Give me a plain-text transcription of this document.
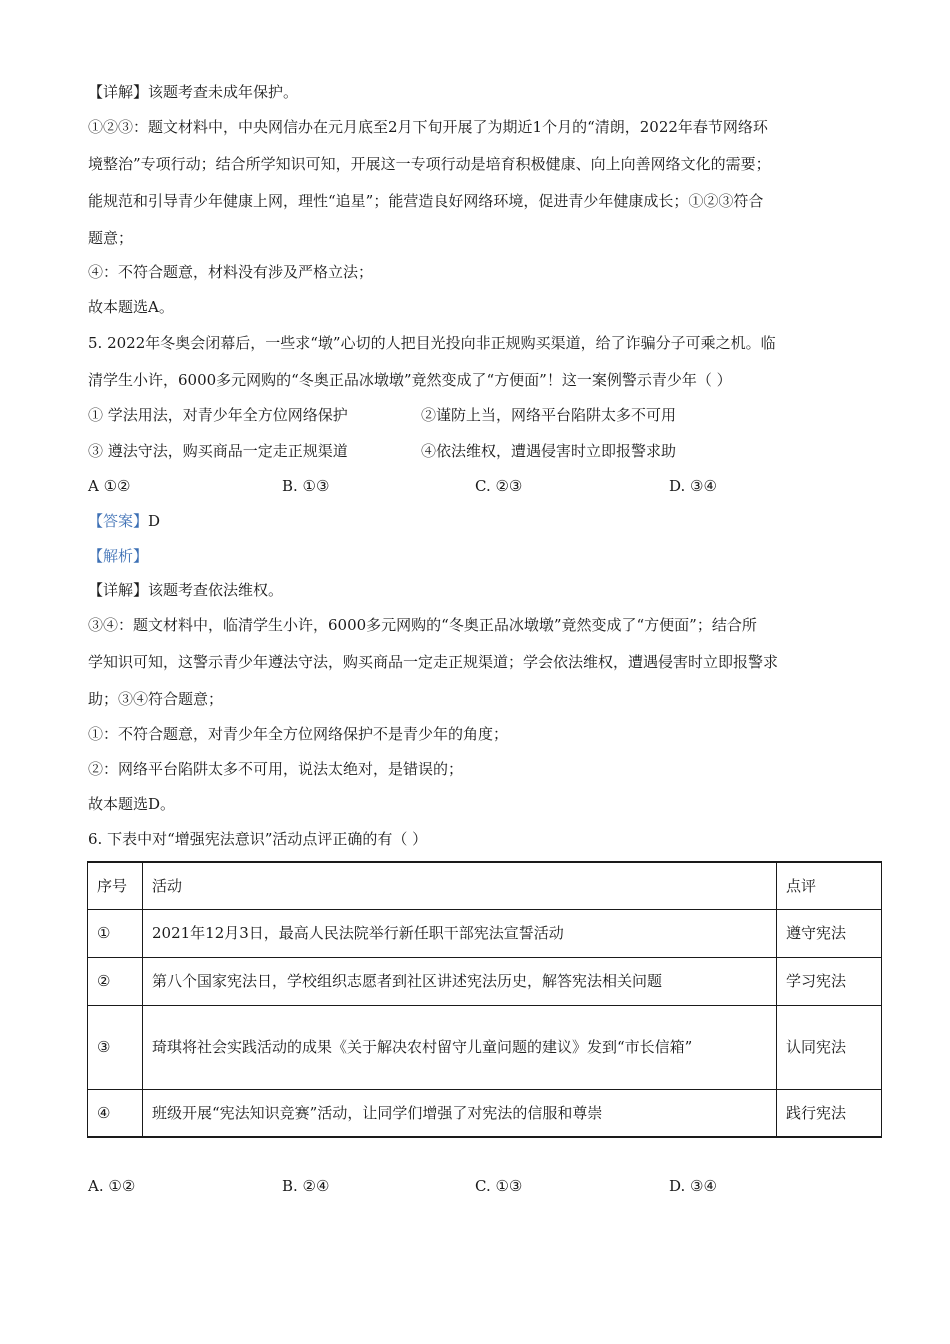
【详解】该题考查未成年保护。
①②③：题文材料中，中央网信办在元月底至2月下旬开展了为期近1个月的“清朗，2022年春节网络环
境整治”专项行动；结合所学知识可知，开展这一专项行动是培育积极健康、向上向善网络文化的需要；
能规范和引导青少年健康上网，理性“追星”；能营造良好网络环境，促进青少年健康成长；①②③符合
题意；
④：不符合题意，材料没有涉及严格立法；
故本题选A。
5. 2022年冬奥会闭幕后，一些求“墩”心切的人把目光投向非正规购买渠道，给了诈骗分子可乘之机。临
清学生小许，6000多元网购的“冬奥正品冰墩墩”竟然变成了“方便面”！这一案例警示青少年（ ）
① 学法用法，对青少年全方位网络保护	②谨防上当，网络平台陷阱太多不可用
③ 遵法守法，购买商品一定走正规渠道	④依法维权，遭遇侵害时立即报警求助
A ①②	B. ①③	C. ②③	D. ③④
【答案】D
【解析】
【详解】该题考查依法维权。
③④：题文材料中，临清学生小许，6000多元网购的“冬奥正品冰墩墩”竟然变成了“方便面”；结合所
学知识可知，这警示青少年遵法守法，购买商品一定走正规渠道；学会依法维权，遭遇侵害时立即报警求
助；③④符合题意；
①：不符合题意，对青少年全方位网络保护不是青少年的角度；
②：网络平台陷阱太多不可用，说法太绝对，是错误的；
故本题选D。
6. 下表中对“增强宪法意识”活动点评正确的有（ ）
序号	活动	点评
①	2021年12月3日，最高人民法院举行新任职干部宪法宣誓活动	遵守宪法
②	第八个国家宪法日，学校组织志愿者到社区讲述宪法历史，解答宪法相关问题	学习宪法
③	琦琪将社会实践活动的成果《关于解决农村留守儿童问题的建议》发到“市长信箱”	认同宪法
④	班级开展“宪法知识竞赛”活动，让同学们增强了对宪法的信服和尊崇	践行宪法
A. ①②	B. ②④	C. ①③	D. ③④
